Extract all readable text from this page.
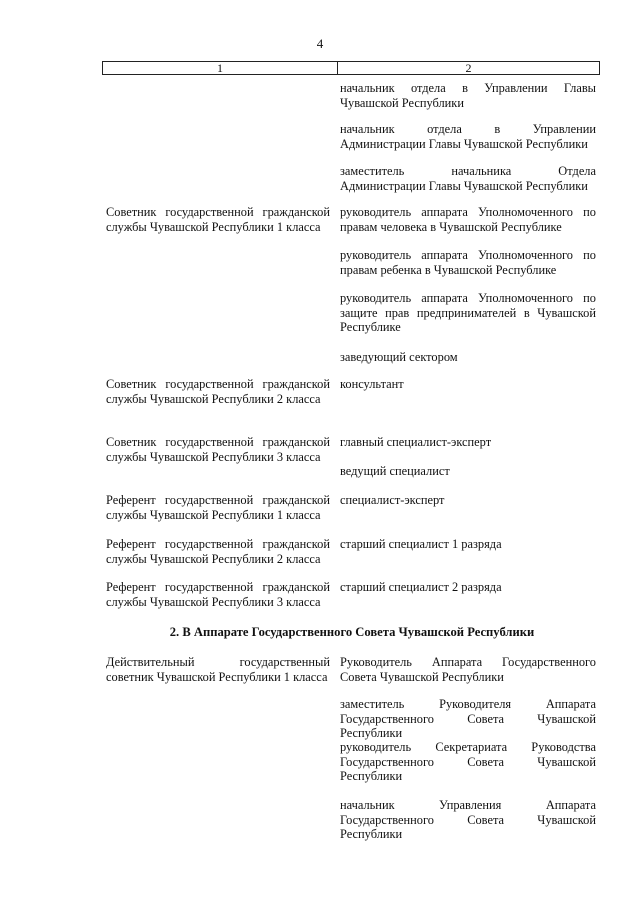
4
1	2
начальник отдела в Управлении Главы Чувашской Республики
начальник отдела в Управлении Администрации Главы Чувашской Республики
заместитель начальника Отдела Администрации Главы Чувашской Республики
Советник государственной гражданской службы Чувашской Республики 1 класса
руководитель аппарата Уполномоченного по правам человека в Чувашской Республике
руководитель аппарата Уполномоченного по правам ребенка в Чувашской Республике
руководитель аппарата Уполномоченного по защите прав предпринимателей в Чувашской Республике
заведующий сектором
Советник государственной гражданской службы Чувашской Республики 2 класса
консультант
Советник государственной гражданской службы Чувашской Республики 3 класса
главный специалист-эксперт
ведущий специалист
Референт государственной гражданской службы Чувашской Республики 1 класса
специалист-эксперт
Референт государственной гражданской службы Чувашской Республики 2 класса
старший специалист 1 разряда
Референт государственной гражданской службы Чувашской Республики 3 класса
старший специалист 2 разряда
2. В Аппарате Государственного Совета Чувашской Республики
Действительный государственный советник Чувашской Республики 1 класса
Руководитель Аппарата Государственного Совета Чувашской Республики
заместитель Руководителя Аппарата Государственного Совета Чувашской Республики
руководитель Секретариата Руководства Государственного Совета Чувашской Республики
начальник Управления Аппарата Государственного Совета Чувашской Республики
